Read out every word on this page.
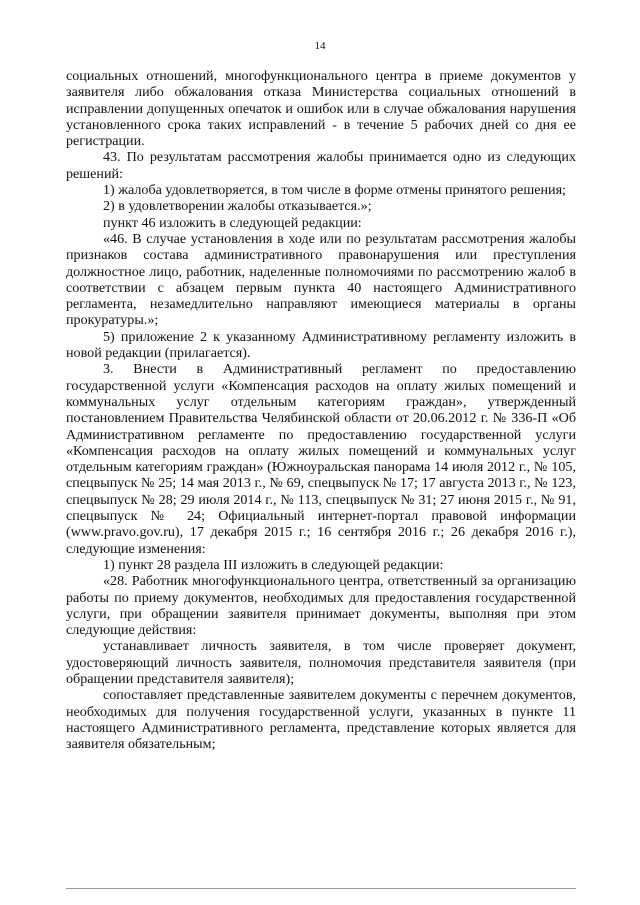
14

социальных отношений, многофункционального центра в приеме документов у заявителя либо обжалования отказа Министерства социальных отношений в исправлении допущенных опечаток и ошибок или в случае обжалования нарушения установленного срока таких исправлений - в течение 5 рабочих дней со дня ее регистрации.

43. По результатам рассмотрения жалобы принимается одно из следующих решений:

1) жалоба удовлетворяется, в том числе в форме отмены принятого решения;

2) в удовлетворении жалобы отказывается.»;

пункт 46 изложить в следующей редакции:

«46. В случае установления в ходе или по результатам рассмотрения жалобы признаков состава административного правонарушения или преступления должностное лицо, работник, наделенные полномочиями по рассмотрению жалоб в соответствии с абзацем первым пункта 40 настоящего Административного регламента, незамедлительно направляют имеющиеся материалы в органы прокуратуры.»;

5) приложение 2 к указанному Административному регламенту изложить в новой редакции (прилагается).

3. Внести в Административный регламент по предоставлению государственной услуги «Компенсация расходов на оплату жилых помещений и коммунальных услуг отдельным категориям граждан», утвержденный постановлением Правительства Челябинской области от 20.06.2012 г. № 336-П «Об Административном регламенте по предоставлению государственной услуги «Компенсация расходов на оплату жилых помещений и коммунальных услуг отдельным категориям граждан» (Южноуральская панорама 14 июля 2012 г., № 105, спецвыпуск № 25; 14 мая 2013 г., № 69, спецвыпуск № 17; 17 августа 2013 г., № 123, спецвыпуск № 28; 29 июля 2014 г., № 113, спецвыпуск № 31; 27 июня 2015 г., № 91, спецвыпуск № 24; Официальный интернет-портал правовой информации (www.pravo.gov.ru), 17 декабря 2015 г.; 16 сентября 2016 г.; 26 декабря 2016 г.), следующие изменения:

1) пункт 28 раздела III изложить в следующей редакции:

«28. Работник многофункционального центра, ответственный за организацию работы по приему документов, необходимых для предоставления государственной услуги, при обращении заявителя принимает документы, выполняя при этом следующие действия:

устанавливает личность заявителя, в том числе проверяет документ, удостоверяющий личность заявителя, полномочия представителя заявителя (при обращении представителя заявителя);

сопоставляет представленные заявителем документы с перечнем документов, необходимых для получения государственной услуги, указанных в пункте 11 настоящего Административного регламента, представление которых является для заявителя обязательным;
